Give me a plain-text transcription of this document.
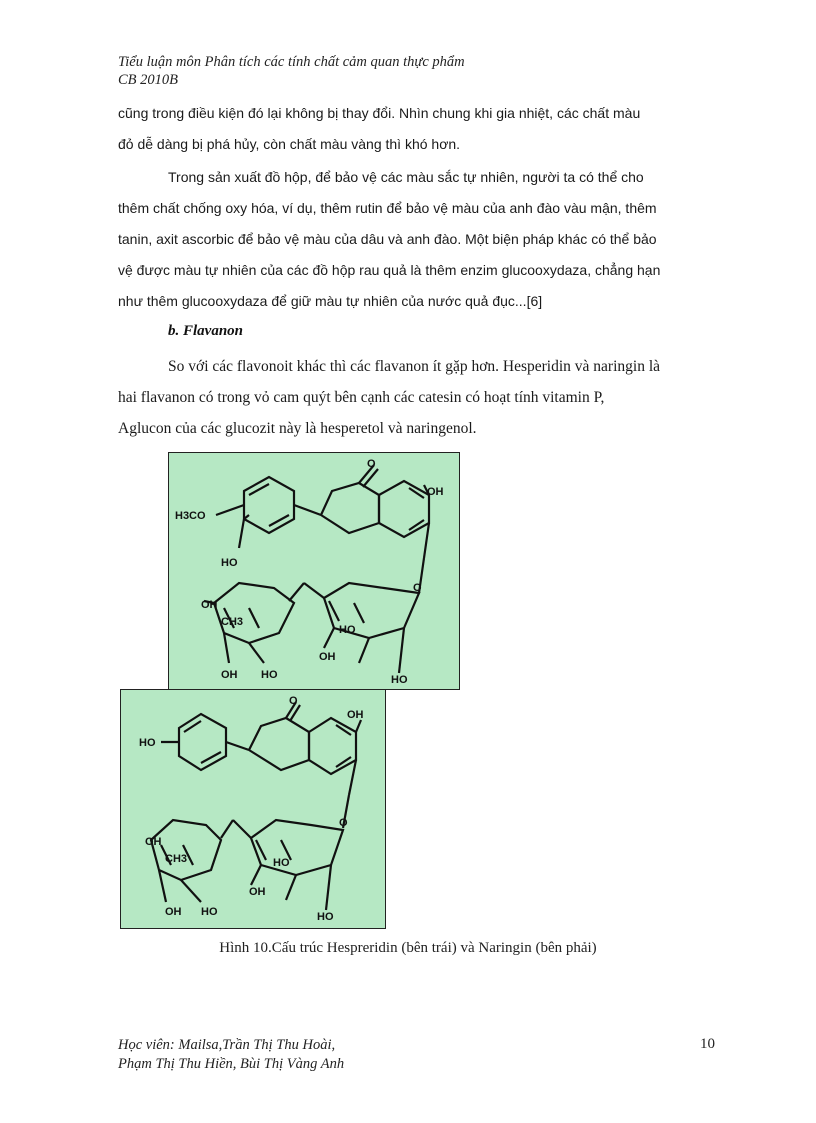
Tiểu luận môn Phân tích các tính chất cảm quan thực phẩm
CB 2010B
cũng trong điều kiện đó lại không bị thay đổi. Nhìn chung khi gia nhiệt, các chất màu
đỏ dễ dàng bị phá hủy, còn chất màu vàng thì khó hơn.
Trong sản xuất đồ hộp, để bảo vệ các màu sắc tự nhiên, người ta có thể cho
thêm chất chống oxy hóa, ví dụ, thêm rutin để bảo vệ màu của anh đào vàu mận, thêm
tanin, axit ascorbic để bảo vệ màu của dâu và anh đào. Một biện pháp khác có thể bảo
vệ được màu tự nhiên của các đồ hộp rau quả là thêm enzim glucooxydaza, chẳng hạn
như thêm glucooxydaza để giữ màu tự nhiên của nước quả đục...[6]
b. Flavanon
So với các flavonoit khác thì các flavanon ít gặp hơn. Hesperidin và naringin là
hai flavanon có trong vỏ cam quýt bên cạnh các catesin có hoạt tính vitamin P,
Aglucon của các glucozit này là hesperetol và naringenol.
O
OH
H3CO
HO
O
OH
CH3
HO
OH
OH
HO	HO
O
OH
HO
O
OH
CH3	HO
OH
OH
HO	HO
Hình 10.Cấu trúc Hesprеridin (bên trái) và Naringin (bên phải)
Học viên: Mailsa,Trần Thị Thu Hoài,
Phạm Thị Thu Hiền, Bùi Thị Vàng Anh
10
